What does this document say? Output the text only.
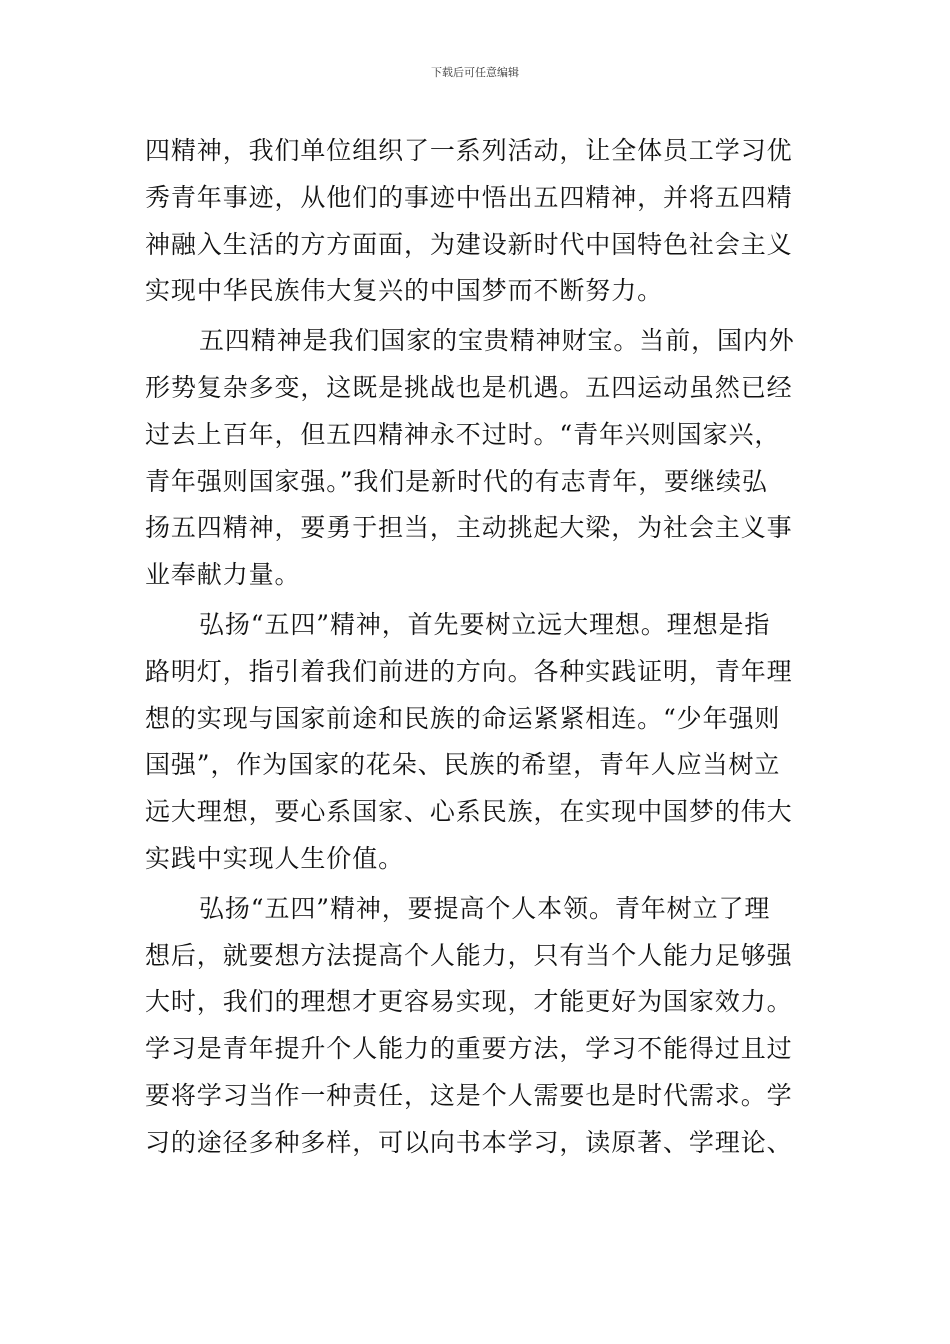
下载后可任意编辑
四精神，我们单位组织了一系列活动，让全体员工学习优
秀青年事迹，从他们的事迹中悟出五四精神，并将五四精
神融入生活的方方面面，为建设新时代中国特色社会主义
实现中华民族伟大复兴的中国梦而不断努力。
五四精神是我们国家的宝贵精神财宝。当前，国内外
形势复杂多变，这既是挑战也是机遇。五四运动虽然已经
过去上百年，但五四精神永不过时。“青年兴则国家兴，
青年强则国家强。”我们是新时代的有志青年，要继续弘
扬五四精神，要勇于担当，主动挑起大梁，为社会主义事
业奉献力量。
弘扬“五四”精神，首先要树立远大理想。理想是指
路明灯，指引着我们前进的方向。各种实践证明，青年理
想的实现与国家前途和民族的命运紧紧相连。“少年强则
国强”，作为国家的花朵、民族的希望，青年人应当树立
远大理想，要心系国家、心系民族，在实现中国梦的伟大
实践中实现人生价值。
弘扬“五四”精神，要提高个人本领。青年树立了理
想后，就要想方法提高个人能力，只有当个人能力足够强
大时，我们的理想才更容易实现，才能更好为国家效力。
学习是青年提升个人能力的重要方法，学习不能得过且过
要将学习当作一种责任，这是个人需要也是时代需求。学
习的途径多种多样，可以向书本学习，读原著、学理论、
